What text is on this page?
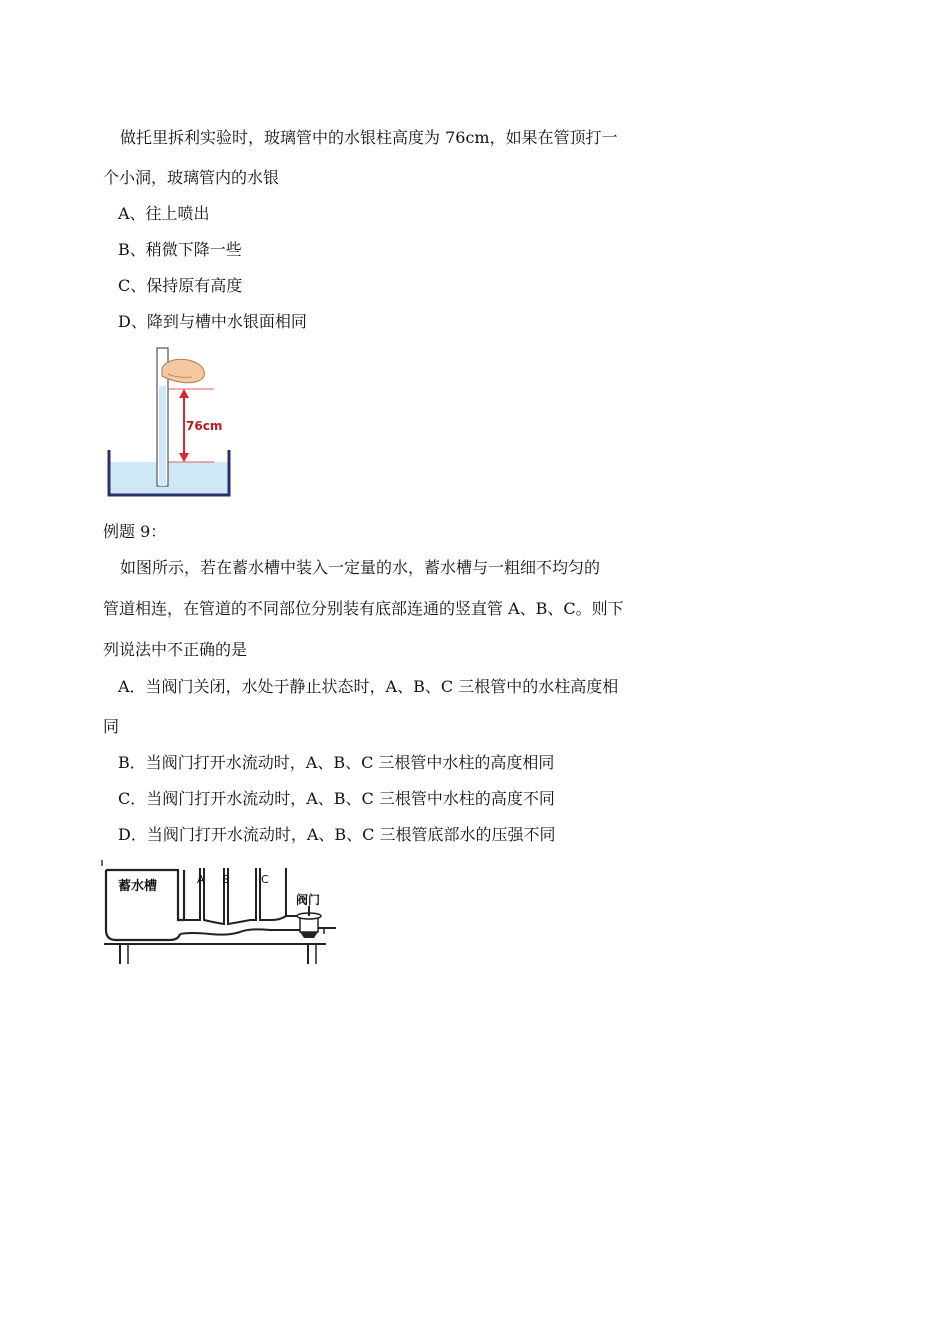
做托里拆利实验时，玻璃管中的水银柱高度为 76cm，如果在管顶打一
个小洞，玻璃管内的水银
A、往上喷出
B、稍微下降一些
C、保持原有高度
D、降到与槽中水银面相同
76cm
例题 9：
如图所示，若在蓄水槽中装入一定量的水，蓄水槽与一粗细不均匀的
管道相连，在管道的不同部位分别装有底部连通的竖直管 A、B、C。则下
列说法中不正确的是
A．当阀门关闭，水处于静止状态时，A、B、C 三根管中的水柱高度相
同
B．当阀门打开水流动时，A、B、C 三根管中水柱的高度相同
C．当阀门打开水流动时，A、B、C 三根管中水柱的高度不同
D．当阀门打开水流动时，A、B、C 三根管底部水的压强不同
蓄水槽	A B	C
阀门
